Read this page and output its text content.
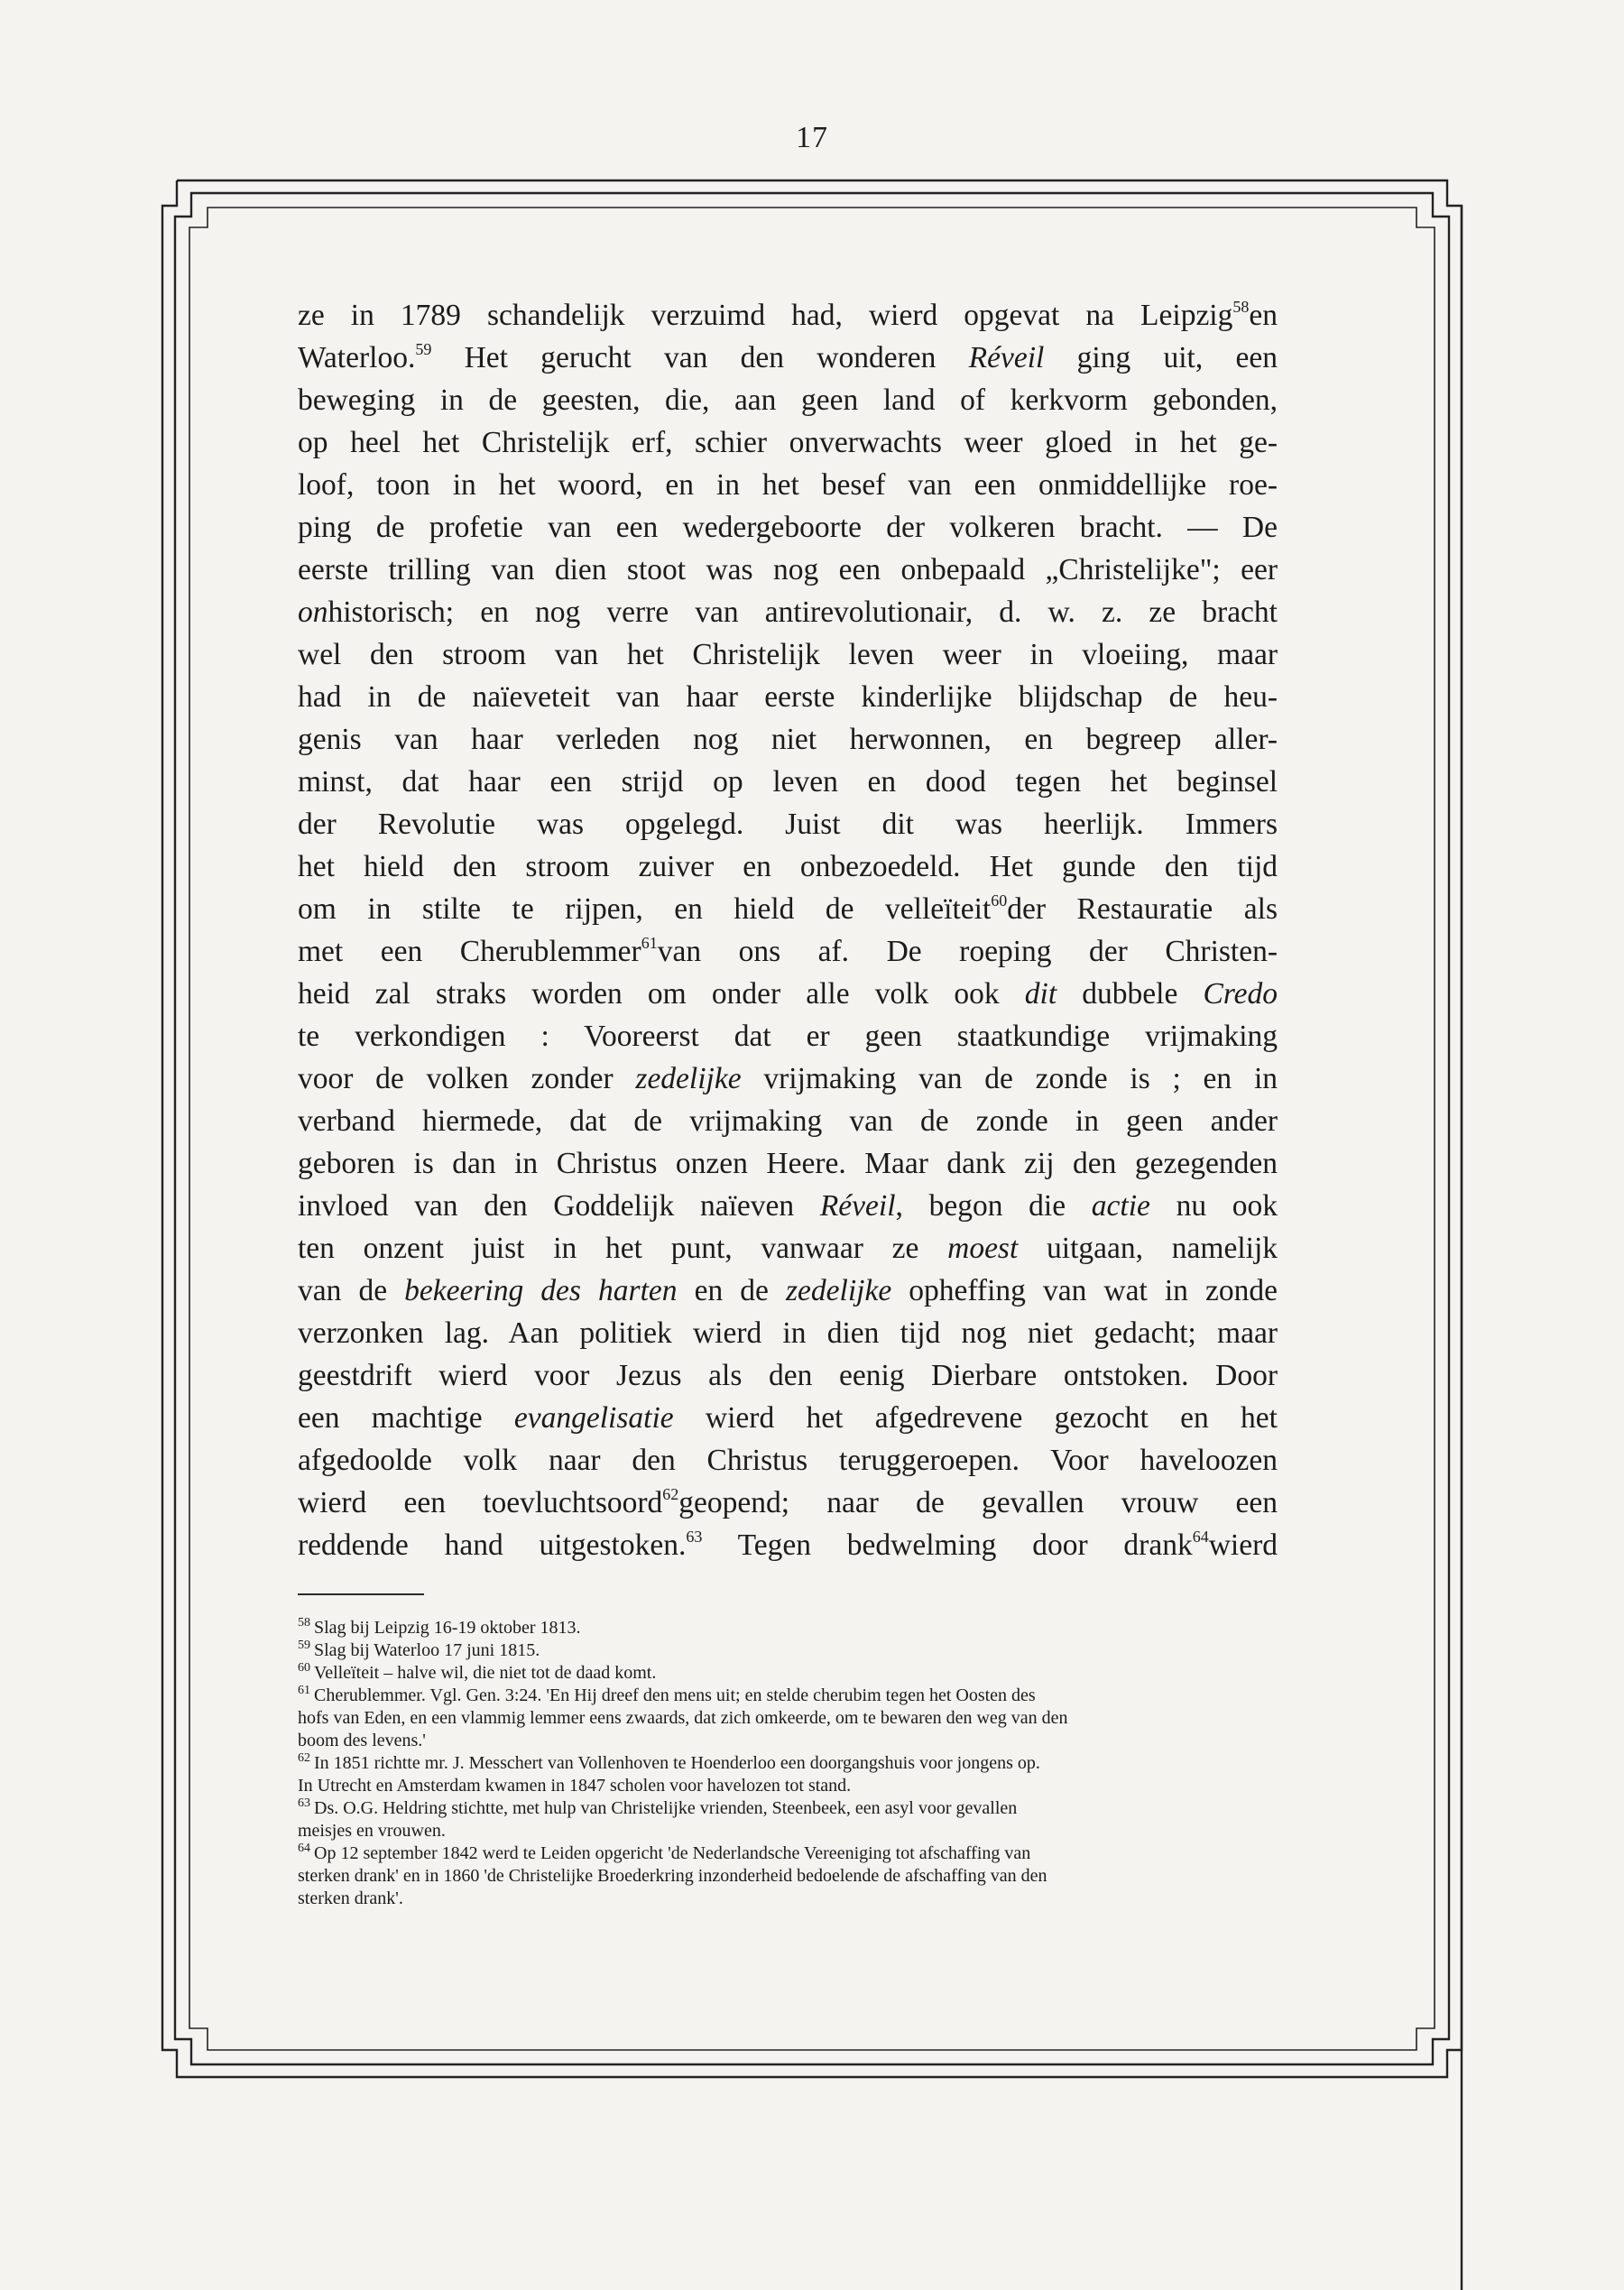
17
ze in 1789 schandelijk verzuimd had, wierd opgevat na Leipzig$^{58}$en
Waterloo.$^{59}$ Het gerucht van den wonderen Réveil ging uit, een
beweging in de geesten, die, aan geen land of kerkvorm gebonden,
op heel het Christelijk erf, schier onverwachts weer gloed in het ge-
loof, toon in het woord, en in het besef van een onmiddellijke roe-
ping de profetie van een wedergeboorte der volkeren bracht. — De
eerste trilling van dien stoot was nog een onbepaald „Christelijke"; eer
onhistorisch; en nog verre van antirevolutionair, d. w. z. ze bracht
wel den stroom van het Christelijk leven weer in vloeiing, maar
had in de naïeveteit van haar eerste kinderlijke blijdschap de heu-
genis van haar verleden nog niet herwonnen, en begreep aller-
minst, dat haar een strijd op leven en dood tegen het beginsel
der Revolutie was opgelegd. Juist dit was heerlijk. Immers
het hield den stroom zuiver en onbezoedeld. Het gunde den tijd
om in stilte te rijpen, en hield de velleïteit$^{60}$der Restauratie als
met een Cherublemmer$^{61}$van ons af. De roeping der Christen-
heid zal straks worden om onder alle volk ook dit dubbele Credo
te verkondigen : Vooreerst dat er geen staatkundige vrijmaking
voor de volken zonder zedelijke vrijmaking van de zonde is ; en in
verband hiermede, dat de vrijmaking van de zonde in geen ander
geboren is dan in Christus onzen Heere. Maar dank zij den gezegenden
invloed van den Goddelijk naïeven Réveil, begon die actie nu ook
ten onzent juist in het punt, vanwaar ze moest uitgaan, namelijk
van de bekeering des harten en de zedelijke opheffing van wat in zonde
verzonken lag. Aan politiek wierd in dien tijd nog niet gedacht; maar
geestdrift wierd voor Jezus als den eenig Dierbare ontstoken. Door
een machtige evangelisatie wierd het afgedrevene gezocht en het
afgedoolde volk naar den Christus teruggeroepen. Voor haveloozen
wierd een toevluchtsoord$^{62}$geopend; naar de gevallen vrouw een
reddende hand uitgestoken.$^{63}$ Tegen bedwelming door drank$^{64}$wierd
$^{58}$ Slag bij Leipzig 16-19 oktober 1813.
$^{59}$ Slag bij Waterloo 17 juni 1815.
$^{60}$ Velleïteit – halve wil, die niet tot de daad komt.
$^{61}$ Cherublemmer. Vgl. Gen. 3:24. 'En Hij dreef den mens uit; en stelde cherubim tegen het Oosten des
hofs van Eden, en een vlammig lemmer eens zwaards, dat zich omkeerde, om te bewaren den weg van den
boom des levens.'
$^{62}$ In 1851 richtte mr. J. Messchert van Vollenhoven te Hoenderloo een doorgangshuis voor jongens op.
In Utrecht en Amsterdam kwamen in 1847 scholen voor havelozen tot stand.
$^{63}$ Ds. O.G. Heldring stichtte, met hulp van Christelijke vrienden, Steenbeek, een asyl voor gevallen
meisjes en vrouwen.
$^{64}$ Op 12 september 1842 werd te Leiden opgericht 'de Nederlandsche Vereeniging tot afschaffing van
sterken drank' en in 1860 'de Christelijke Broederkring inzonderheid bedoelende de afschaffing van den
sterken drank'.
